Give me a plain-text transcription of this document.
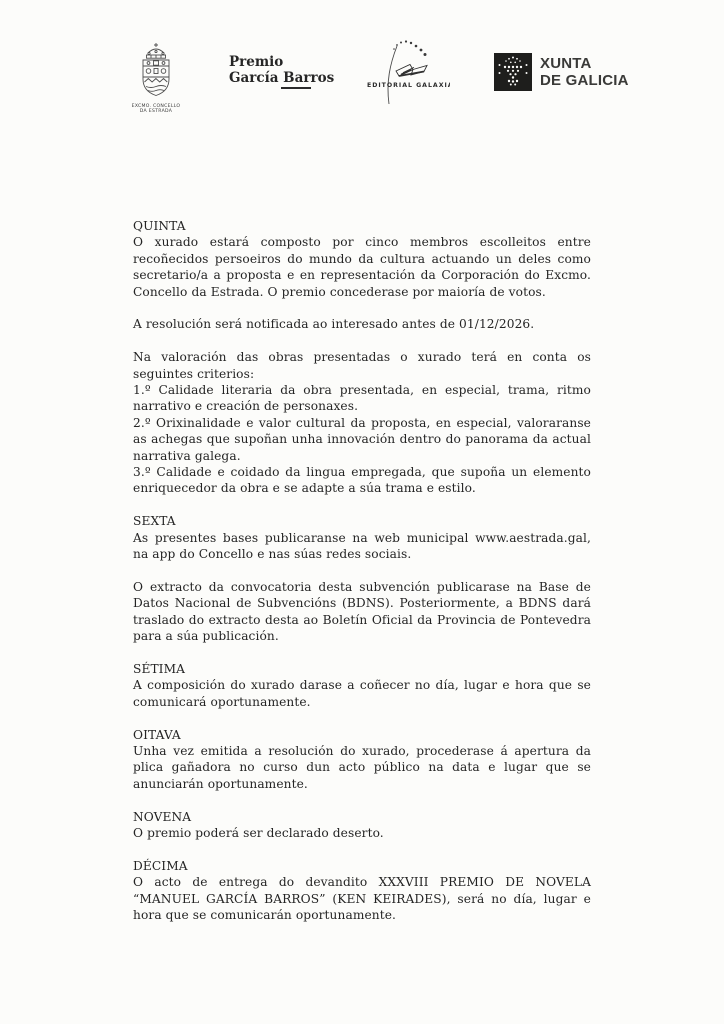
EXCMO. CONCELLO
DA ESTRADA
Premio
García Barros	EDITORIAL GALAXIA
XUNTA
DE GALICIA
QUINTA

O xurado estará composto por cinco membros escolleitos entre recoñecidos persoeiros do mundo da cultura actuando un deles como secretario/a a proposta e en representación da Corporación do Excmo. Concello da Estrada. O premio concederase por maioría de votos.

A resolución será notificada ao interesado antes de 01/12/2026.

Na valoración das obras presentadas o xurado terá en conta os seguintes criterios:

1.º Calidade literaria da obra presentada, en especial, trama, ritmo narrativo e creación de personaxes.

2.º Orixinalidade e valor cultural da proposta, en especial, valoraranse as achegas que supoñan unha innovación dentro do panorama da actual narrativa galega.

3.º Calidade e coidado da lingua empregada, que supoña un elemento enriquecedor da obra e se adapte a súa trama e estilo.

SEXTA

As presentes bases publicaranse na web municipal www.aestrada.gal, na app do Concello e nas súas redes sociais.

O extracto da convocatoria desta subvención publicarase na Base de Datos Nacional de Subvencións (BDNS). Posteriormente, a BDNS dará traslado do extracto desta ao Boletín Oficial da Provincia de Pontevedra para a súa publicación.

SÉTIMA

A composición do xurado darase a coñecer no día, lugar e hora que se comunicará oportunamente.

OITAVA

Unha vez emitida a resolución do xurado, procederase á apertura da plica gañadora no curso dun acto público na data e lugar que se anunciarán oportunamente.

NOVENA

O premio poderá ser declarado deserto.

DÉCIMA

O acto de entrega do devandito XXXVIII PREMIO DE NOVELA “MANUEL GARCÍA BARROS” (KEN KEIRADES), será no día, lugar e hora que se comunicarán oportunamente.
